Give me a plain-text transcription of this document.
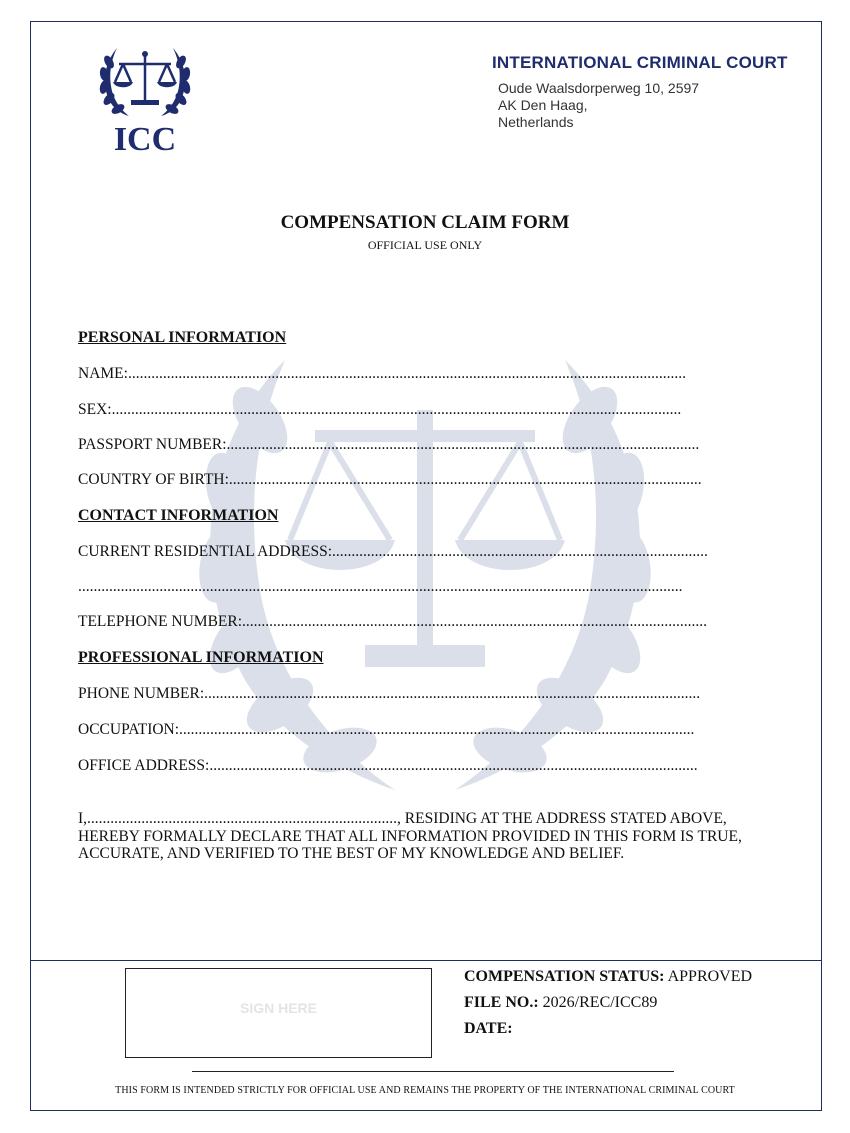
ICC
INTERNATIONAL CRIMINAL COURT
Oude Waalsdorperweg 10, 2597
AK Den Haag,
Netherlands
COMPENSATION CLAIM FORM
OFFICIAL USE ONLY
PERSONAL INFORMATION
NAME:................................................................................................................................................
SEX:...................................................................................................................................................
PASSPORT NUMBER:..........................................................................................................................
COUNTRY OF BIRTH:..........................................................................................................................
CONTACT INFORMATION
CURRENT RESIDENTIAL ADDRESS:.................................................................................................
............................................................................................................................................................
TELEPHONE NUMBER:........................................................................................................................
PROFESSIONAL INFORMATION
PHONE NUMBER:................................................................................................................................
OCCUPATION:.....................................................................................................................................
OFFICE ADDRESS:..............................................................................................................................
I,................................................................................, RESIDING AT THE ADDRESS STATED ABOVE, HEREBY FORMALLY DECLARE THAT ALL INFORMATION PROVIDED IN THIS FORM IS TRUE, ACCURATE, AND VERIFIED TO THE BEST OF MY KNOWLEDGE AND BELIEF.
SIGN HERE
COMPENSATION STATUS: APPROVED
FILE NO.: 2026/REC/ICC89
DATE:
THIS FORM IS INTENDED STRICTLY FOR OFFICIAL USE AND REMAINS THE PROPERTY OF THE INTERNATIONAL CRIMINAL COURT
